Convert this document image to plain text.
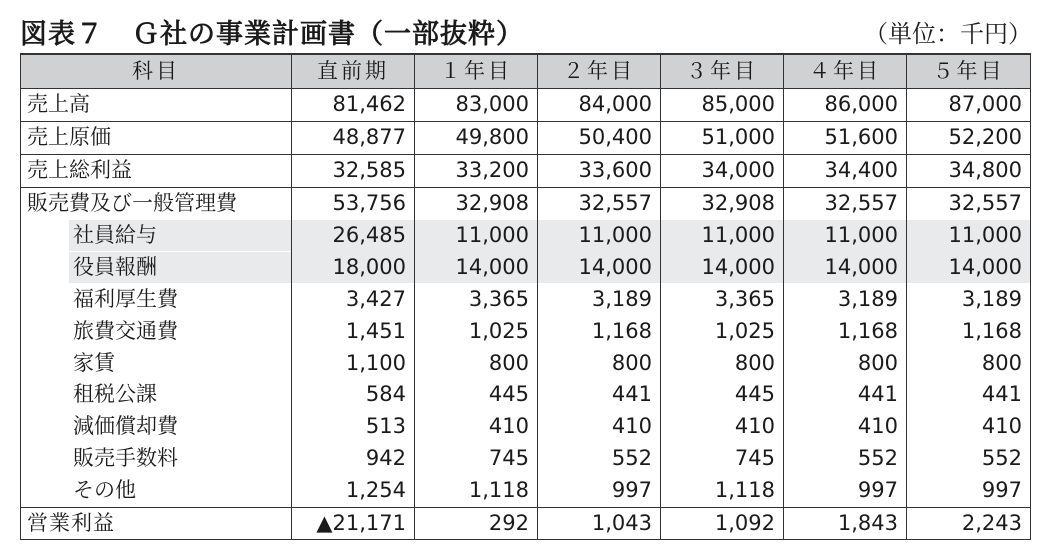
図表７　Ｇ社の事業計画書（一部抜粋）	（単位：千円）
科目	直前期	１年目	２年目	３年目	４年目	５年目
売上高	81,462	83,000	84,000	85,000	86,000	87,000
売上原価	48,877	49,800	50,400	51,000	51,600	52,200
売上総利益	32,585	33,200	33,600	34,000	34,400	34,800
販売費及び一般管理費	53,756	32,908	32,557	32,908	32,557	32,557

社員給与	26,485	11,000	11,000	11,000	11,000	11,000

役員報酬	18,000	14,000	14,000	14,000	14,000	14,000
福利厚生費	3,427	3,365	3,189	3,365	3,189	3,189
旅費交通費	1,451	1,025	1,168	1,025	1,168	1,168
家賃	1,100	800	800	800	800	800
租税公課	584	445	441	445	441	441
減価償却費	513	410	410	410	410	410
販売手数料	942	745	552	745	552	552
その他	1,254	1,118	997	1,118	997	997
営業利益	▲21,171	292	1,043	1,092	1,843	2,243
